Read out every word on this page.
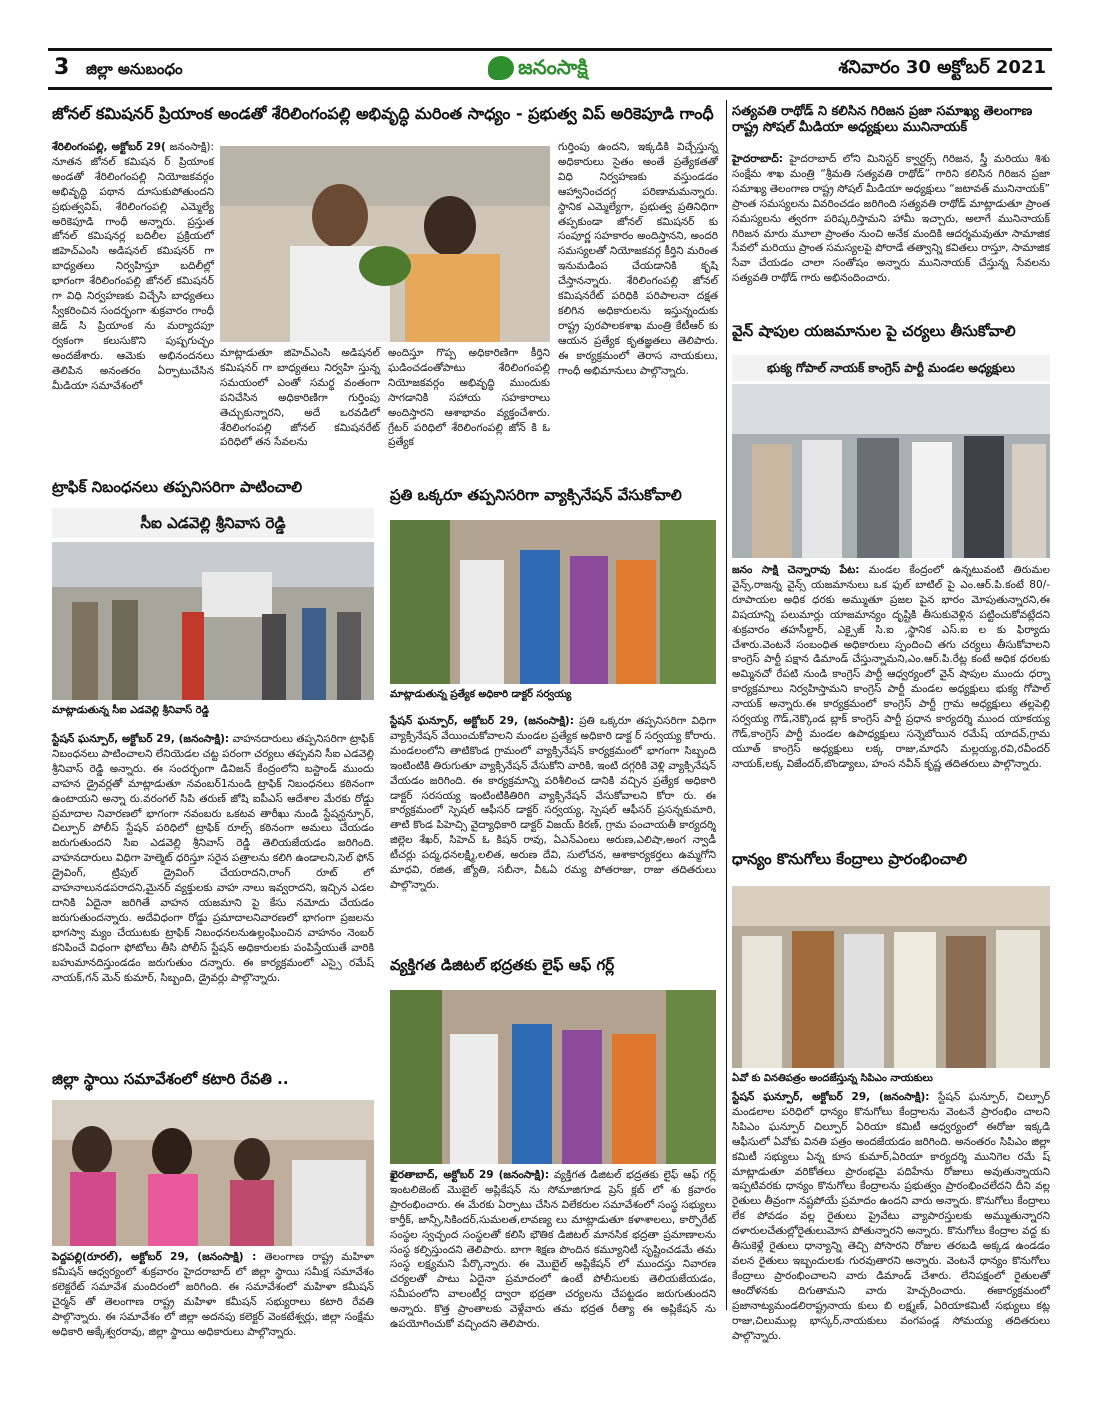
3 జిల్లా అనుబంధం	జనంసాక్షి	శనివారం 30 అక్టోబర్ 2021
జోనల్ కమిషనర్ ప్రియాంక అండతో శేరిలింగంపల్లి అభివృద్ధి మరింత సాధ్యం - ప్రభుత్వ విప్ అరికెపూడి గాంధీ
శేరిలింగంపల్లి, అక్టోబర్ 29( జనంసాక్షి): నూతన జోనల్ కమిషన ర్ ప్రియాంక అండతో శేరిలింగంపల్లి నియోజకవర్గం అభివృద్ధి పథాన దూసుకుపోతుందని ప్రభుత్వవిప్, శేరిలింగంపల్లి ఎమ్మెల్యే అరికెపూడి గాంధీ అన్నారు. ప్రస్తుత జోనల్ కమిషనర్ల బదిలీల ప్రక్రియలో జిహెచ్ఎంసి అడిషనల్ కమిషనర్ గా బాధ్యతలు నిర్వహిస్తూ బదిలీల్లో భాగంగా శేరిలింగంపల్లి జోనల్ కమిషనర్ గా విధి నిర్వహణకు విచ్చేసి బాధ్యతలు స్వీకరించిన సందర్భంగా శుక్రవారం గాంధీ జెడ్ సి ప్రియాంక ను మర్యాదపూ ర్వకంగా కలుసుకొని పుష్పగుచ్ఛం అందజేశారు. ఆమెకు అభినందనలు తెలిపిన అనంతరం ఏర్పాటుచేసిన మీడియా సమావేశంలో
మాట్లాడుతూ జిహెచ్ఎంసి అడిషనల్ కమిషనర్ గా బాధ్యతలు నిర్వహి స్తున్న సమయంలో ఎంతో సమర్థ వంతంగా పనిచేసిన అధికారిణిగా గుర్తింపు తెచ్చుకున్నారని, అదే ఒరవడిలో శేరిలింగంపల్లి జోనల్ కమిషనరేట్ పరిధిలో తన సేవలను
అందిస్తూ గొప్ప అధికారిణిగా కీర్తిని ఘడించడంతోపాటు శేరిలింగంపల్లి నియోజకవర్గం అభివృద్ధి ముందుకు సాగడానికి సహాయ సహకారాలు అందిస్తారని ఆశాభావం వ్యక్తంచేశారు. గ్రేటర్ పరిధిలో శేరిలింగంపల్లి జోన్ కి ఓ ప్రత్యేక
గుర్తింపు ఉందని, ఇక్కడికి విచ్చేస్తున్న అధికారులు సైతం అంతే ప్రత్యేకతతో విధి నిర్వహణకు వస్తుండడం ఆహ్వానించదగ్గ పరిణామమన్నారు. స్థానిక ఎమ్మెల్యేగా, ప్రభుత్వ ప్రతినిధిగా తప్పకుండా జోనల్ కమిషనర్ కు సంపూర్ణ సహకారం అందిస్తానని, అందరి సమస్యలతో నియోజకవర్గ కీర్తిని మరింత ఇనుమడింప చేయడానికి కృషి చేస్తానన్నారు. శేరిలింగంపల్లి జోనల్ కమిషనరేట్ పరిధికి పరిపాలనా దక్షత కలిగిన అధికారులను ఇస్తున్నందుకు రాష్ట్ర పురపాలకశాఖ మంత్రి కేటీఆర్ కు ఆయన ప్రత్యేక కృతజ్ఞతలు తెలిపారు. ఈ కార్యక్రమంలో తెరాస నాయకులు, గాంధీ అభిమానులు పాల్గొన్నారు.
సత్యవతి రాథోడ్ ని కలిసిన గిరిజన ప్రజా సమాఖ్య తెలంగాణ రాష్ట్ర సోషల్ మీడియా అధ్యక్షులు మునినాయక్
హైదరాబాద్: హైదరాబాద్ లోని మినిస్టర్ క్వార్టర్స్ గిరిజన, స్త్రీ మరియు శిశు సంక్షేమ శాఖ మంత్రి “శ్రీమతి సత్యవతి రాథోడ్” గారిని కలిసిన గిరిజన ప్రజా సమాఖ్య తెలంగాణ రాష్ట్ర సోషల్ మీడియా అధ్యక్షులు “జటావత్ మునినాయక్” ప్రాంత సమస్యలను వివరించడం జరిగింది సత్యవతి రాథోడ్ మాట్లాడుతూ ప్రాంత సమస్యలను త్వరగా పరిష్కరిస్తామని హామీ ఇచ్చారు, అలాగే మునినాయక్ గిరిజన మారు మూలా ప్రాంతం నుంచి అనేక మందికి ఆదర్శమవుతూ సామాజిక సేవలో మరియు ప్రాంత సమస్యలపై పోరాడే తత్వాన్ని కవితలు రాస్తూ, సామాజిక సేవా చేయడం చాలా సంతోషం అన్నారు మునినాయక్ చేస్తున్న సేవలను సత్యవతి రాథోడ్ గారు అభినందించారు.
వైన్ షాపుల యజమానుల పై చర్యలు తీసుకోవాలి
భుక్య గోపాల్ నాయక్ కాంగ్రెస్ పార్టీ మండల అధ్యక్షులు
జనం సాక్షి చెన్నారావు పేట: మండల కేంద్రంలో ఉన్నటువంటి తిరుమల వైన్స్,రాజన్న వైన్స్ యజమానులు ఒక ఫుల్ బాటిల్ పై ఎం.ఆర్.పి.కంటే 80/- రూపాయల అధిక ధరకు అమ్ముతూ ప్రజల పైన భారం మోపుతున్నారని,ఈ విషయాన్ని పలుమార్లు యాజమాన్యం దృష్టికి తీసుకువెళ్లిన పట్టించుకోవట్లేదని శుక్రవారం తహసీల్దార్, ఎక్సైజ్ సి.ఐ ,స్థానిక ఎస్.ఐ ల కు ఫిర్యాదు చేశారు.వెంటనే సంబంధిత అధికారులు స్పందించి తగు చర్యలు తీసుకోవాలని కాంగ్రెస్ పార్టీ పక్షాన డిమాండ్ చేస్తున్నామని,ఎం.ఆర్.పి.రేట్ల కంటే అధిక ధరలకు అమ్మినచో రేపటి నుండి కాంగ్రెస్ పార్టీ ఆధ్వర్యంలో వైన్ షాపుల ముందు ధర్నా కార్యక్రమాలు నిర్వహిస్తామని కాంగ్రెస్ పార్టీ మండల అధ్యక్షులు భుక్య గోపాల్ నాయక్ అన్నారు.ఈ కార్యక్రమంలో కాంగ్రెస్ పార్టీ గ్రామ అధ్యక్షులు తల్లపెల్లి సర్వయ్య గౌడ్,నెక్కొండ బ్లాక్ కాంగ్రెస్ పార్టీ ప్రధాన కార్యదర్శి ముంద యాకయ్య గౌడ్,కాంగ్రెస్ పార్టీ మండల ఉపాధ్యక్షులు సన్నెబోయిన రమేష్ యాదవ్,గ్రామ యూత్ కాంగ్రెస్ అధ్యక్షులు లక్క రాజు,మాధసి మల్లయ్య,రవి,రవీందర్ నాయక్,లక్క విజేందర్,బొండ్యాలు, హంస నవీన్ కృష్ణ తదితరులు పాల్గొన్నారు.
ధాన్యం కొనుగోలు కేంద్రాలు ప్రారంభించాలి
ఏవో కు వినతిపత్రం అందజేస్తున్న సిపిఎం నాయకులు
స్టేషన్ ఘన్పూర్, అక్టోబర్ 29, (జనంసాక్షి): స్టేషన్ ఘన్పూర్, చిల్పూర్ మండలాల పరిధిలో ధాన్యం కొనుగోలు కేంద్రాలను వెంటనే ప్రారంభిం చాలని సిపిఎం ఘన్పూర్ చిల్పూర్ ఏరియా కమిటీ ఆధ్వర్యంలో ఈరోజు ఇక్కడి ఆఫీసులో ఏవోకు వినతి పత్రం అందజేయడం జరిగింది. అనంతరం సిపిఎం జిల్లా కమిటీ సభ్యులు ఏన్న కూస కుమార్,ఏరియా కార్యదర్శి మునిగెల రమే ష్ మాట్లాడుతూ వరికోతలు ప్రారంభమై పదిహేను రోజులు అవుతున్నాయని ఇప్పటివరకు ధాన్యం కొనుగోలు కేంద్రాలను ప్రభుత్వం ప్రారంభించలేదని దీని వల్ల రైతులు తీవ్రంగా నష్టపోయే ప్రమాదం ఉందని వారు అన్నారు. కొనుగోలు కేంద్రాలు లేక పోవడం వల్ల రైతులు ప్రైవేటు వ్యాపారస్తులకు అమ్ముతున్నారని దళారులచేతుల్లోరైతులుమోస పోతున్నారని అన్నారు. కొనుగోలు కేంద్రాల వద్ద కు తీసుకెళ్లే రైతులు ధాన్యాన్ని తెచ్చి పోసారని రోజుల తరబడి అక్కడ ఉండడం వలన రైతులు ఇబ్బందులకు గురవుతారని అన్నారు. వెంటనే ధాన్యం కొనుగోలు కేంద్రాలు ప్రారంభించాలని వారు డిమాండ్ చేశారు. లేనిపక్షంలో రైతులతో ఆందోళనకు దిగుతామని వారు హెచ్చరించారు. ఈకార్యక్రమంలో ప్రజానాట్యమండలిరాష్ట్రనాయ కులు బి లక్ష్మణ్, ఏరియాకమిటీ సభ్యులు కట్ల రాజు,చిలుముల్ల భాస్కర్,నాయకులు వంగపండ్ల సోమయ్య తదితరులు పాల్గొన్నారు.
ట్రాఫిక్ నిబంధనలు తప్పనిసరిగా పాటించాలి
సీఐ ఎడవెల్లి శ్రీనివాస రెడ్డి
మాట్లాడుతున్న సీఐ ఎడవెల్లి శ్రీనివాస్ రెడ్డి
స్టేషన్ ఘన్పూర్, అక్టోబర్ 29, (జనంసాక్షి): వాహనదారులు తప్పనిసరిగా ట్రాఫిక్ నిబంధనలు పాటించాలని లేనియెడల చట్ట పరంగా చర్యలు తప్పవని సీఐ ఎడవెల్లి శ్రీనివాస్ రెడ్డి అన్నారు. ఈ సందర్భంగా డివిజన్ కేంద్రంలోని బస్టాండ్ ముందు వాహన డ్రైవర్లతో మాట్లాడుతూ నవంబర్1నుండి ట్రాఫిక్ నిబంధనలు కఠినంగా ఉంటాయని అన్నా రు.వరంగల్ సిపి తరుణ్ జోషి ఐపీఎస్ ఆదేశాల మేరకు రోడ్డు ప్రమాదాల నివారణలో భాగంగా నవంబరు ఒకటవ తారీఖు నుండి స్టేషన్ఘన్పూర్, చిల్పూర్ పోలీస్ స్టేషన్ పరిధిలో ట్రాఫిక్ రూల్స్ కఠినంగా అమలు చేయడం జరుగుతుందని సిఐ ఎడవెల్లి శ్రీనివాస్ రెడ్డి తెలియజేయడం జరిగింది. వాహనదారులు విధిగా హెల్మెట్ ధరిస్తూ సరైన పత్రాలను కలిగి ఉండాలని,సెల్ ఫోన్ డ్రైవింగ్, ట్రిపుల్ డ్రైవింగ్ చేయరాదని,రాంగ్ రూట్ లో వాహనాలునడపరాదని,మైనర్ వ్యక్తులకు వాహ నాలు ఇవ్వరాదని, ఇచ్చిన ఎడల దానికి ఏదైనా జరిగితే వాహన యజమాని పై కేసు నమోదు చేయడం జరుగుతుందన్నారు. అదేవిధంగా రోడ్డు ప్రమాదాలనివారణలో భాగంగా ప్రజలను భాగస్వా మ్యం చేయుటకు ట్రాఫిక్ నిబంధనలనుఉల్లంఘించిన వాహనం నెంబర్ కనిపించే విధంగా ఫోటోలు తీసి పోలీస్ స్టేషన్ అధికారులకు పంపిస్తేయుతే వారికి బహుమానదిస్తుండడం జరుగుతుం దన్నారు. ఈ కార్యక్రమంలో ఎస్సై రమేష్ నాయక్,గన్ మెన్ కుమార్, సిబ్బంది, డ్రైవర్లు పాల్గొన్నారు.
జిల్లా స్థాయి సమావేశంలో కటారి రేవతి ..
పెద్దపల్లి(రూరల్), అక్టోబర్ 29, (జనంసాక్షి) : తెలంగాణ రాష్ట్ర మహిళా కమీషన్ ఆధ్వర్యంలో శుక్రవారం హైదరాబాద్ లో జిల్లా స్థాయి సమీక్ష సమావేశం కలెక్టరేట్ సమావేశ మందిరంలో జరిగింది. ఈ సమావేశంలో మహిళా కమీషన్ చైర్మన్ తో తెలంగాణ రాష్ట్ర మహిళా కమీషన్ సభ్యురాలు కటారి రేవతి పాల్గొన్నారు. ఈ సమావేశం లో జిల్లా అదనపు కలెక్టర్ వెంకటేశ్వర్లు, జిల్లా సంక్షేమ అధికారి అక్కేశ్వరరావు, జిల్లా స్థాయి అధికారులు పాల్గొన్నారు.
ప్రతి ఒక్కరూ తప్పనిసరిగా వ్యాక్సినేషన్ వేసుకోవాలి
మాట్లాడుతున్న ప్రత్యేక అధికారి డాక్టర్ సర్వయ్య
స్టేషన్ ఘన్పూర్, అక్టోబర్ 29, (జనంసాక్షి): ప్రతి ఒక్కరూ తప్పనిసరిగా విధిగా వ్యాక్సినేషన్ వేయించుకోవాలని మండల ప్రత్యేక అధికారి డాక్ట ర్ సర్వయ్య కోరారు. మండలంలోని తాటికొండ గ్రామంలో వ్యాక్సినేషన్ కార్యక్రమంలో భాగంగా సిబ్బంది ఇంటింటికి తిరుగుతూ వ్యాక్సినేషన్ వేసుకోని వారికి, ఇంటి దగ్గరికి వెళ్లి వ్యాక్సినేషన్ వేయడం జరిగింది. ఈ కార్యక్రమాన్ని పరిశీలించ డానికి వచ్చిన ప్రత్యేక అధికారి డాక్టర్ సరసయ్య ఇంటింటికితిరిగి వ్యాక్సినేషన్ వేసుకోవాలని కోరా రు. ఈ కార్యక్రమంలో స్పెషల్ ఆఫీసర్ డాక్టర్ సర్వయ్య, స్పెషల్ ఆఫీసర్ ప్రసన్నకుమారి, తాటి కొండ పిహెచ్సి వైద్యాధికారి డాక్టర్ విజయ్ కిరణ్, గ్రామ పంచాయతీ కార్యదర్శి జిల్లెల శేఖర్, సిహెచ్ ఓ కిషన్ రావు, ఏఎన్ఎంలు అరుణ,ఎలిషా,అంగ న్వాడీ టీచర్లు పద్మ,ధనలక్ష్మి,లలిత, అరుణ దేవి, సులోచన, ఆశాకార్యకర్తలు ఉమ్మగోని మాధవి, రజిత, జ్యోతి, సబీనా, వీఓఏ రమ్య పోతరాజు, రాజు తదితరులు పాల్గొన్నారు.
వ్యక్తిగత డిజిటల్ భద్రతకు లైఫ్ ఆఫ్ గర్ల్
ఖైరతాబాద్, అక్టోబర్ 29 (జనంసాక్షి): వ్యక్తిగత డిజిటల్ భద్రతకు లైఫ్ ఆఫ్ గర్ల్ ఇంటలిజెంట్ మొబైల్ అప్లికేషన్ ను సోమాజిగూడ ప్రెస్ క్లబ్ లో శు క్రవారం ప్రారంభించారు. ఈ మేరకు ఏర్పాటు చేసిన విలేకరుల సమావేశంలో సంస్థ సభ్యులు కార్తీక్, జాన్సీ,సికిందర్,సుమలత,లావణ్య లు మాట్లాడుతూ కళాశాలలు, కార్పొరేట్ సంస్థల స్వచ్ఛంద సంస్థలతో కలిసి భౌతిక డిజిటల్ మానసిక భద్రతా ప్రమాణాలను సంస్థ కల్పిస్తుందని తెలిపారు. బాగా శిక్షణ పొందిన కమ్యూనిటీ సృష్టించడమే తమ సంస్థ లక్ష్యమని పేర్కొన్నారు. ఈ మొబైల్ అప్లికేషన్ లో ముందస్తు నివారణ చర్యలతో పాటు ఏదైనా ప్రమాదంలో ఉంటే పోలీసులకు తెలియజేయడం, సమీపంలోని వాలంటీర్ల ద్వారా భద్రతా చర్యలను చేపట్టడం జరుగుతుందని అన్నారు. కొత్త ప్రాంతాలకు వెళ్లేవారు తమ భద్రత రీత్యా ఈ అప్లికేషన్ ను ఉపయోగించుకో వచ్చిందని తెలిపారు.
